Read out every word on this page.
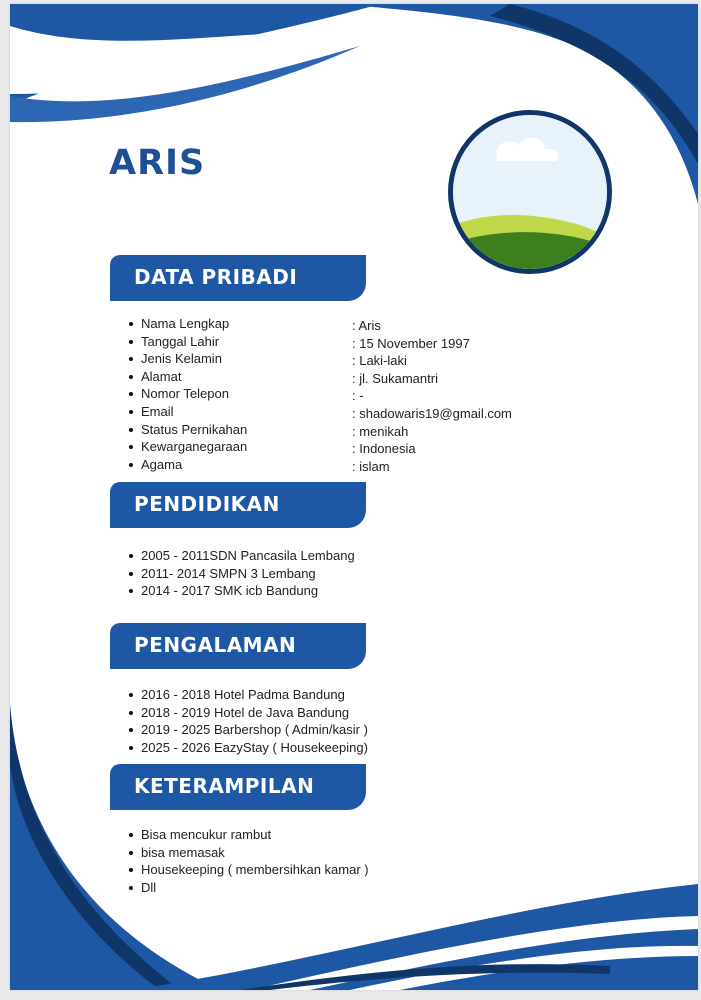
ARIS
DATA PRIBADI
Nama Lengkap
Tanggal Lahir
Jenis Kelamin
Alamat
Nomor Telepon
Email
Status Pernikahan
Kewarganegaraan
Agama
: Aris
: 15 November 1997
: Laki-laki
: jl. Sukamantri
: -
: shadowaris19@gmail.com
: menikah
: Indonesia
: islam
PENDIDIKAN
2005 - 2011SDN Pancasila Lembang
2011- 2014 SMPN 3 Lembang
2014 - 2017 SMK icb Bandung
PENGALAMAN
2016 - 2018 Hotel Padma Bandung
2018 - 2019 Hotel de Java Bandung
2019 - 2025 Barbershop ( Admin/kasir )
2025 - 2026 EazyStay ( Housekeeping)
KETERAMPILAN
Bisa mencukur rambut
bisa memasak
Housekeeping ( membersihkan kamar )
Dll
